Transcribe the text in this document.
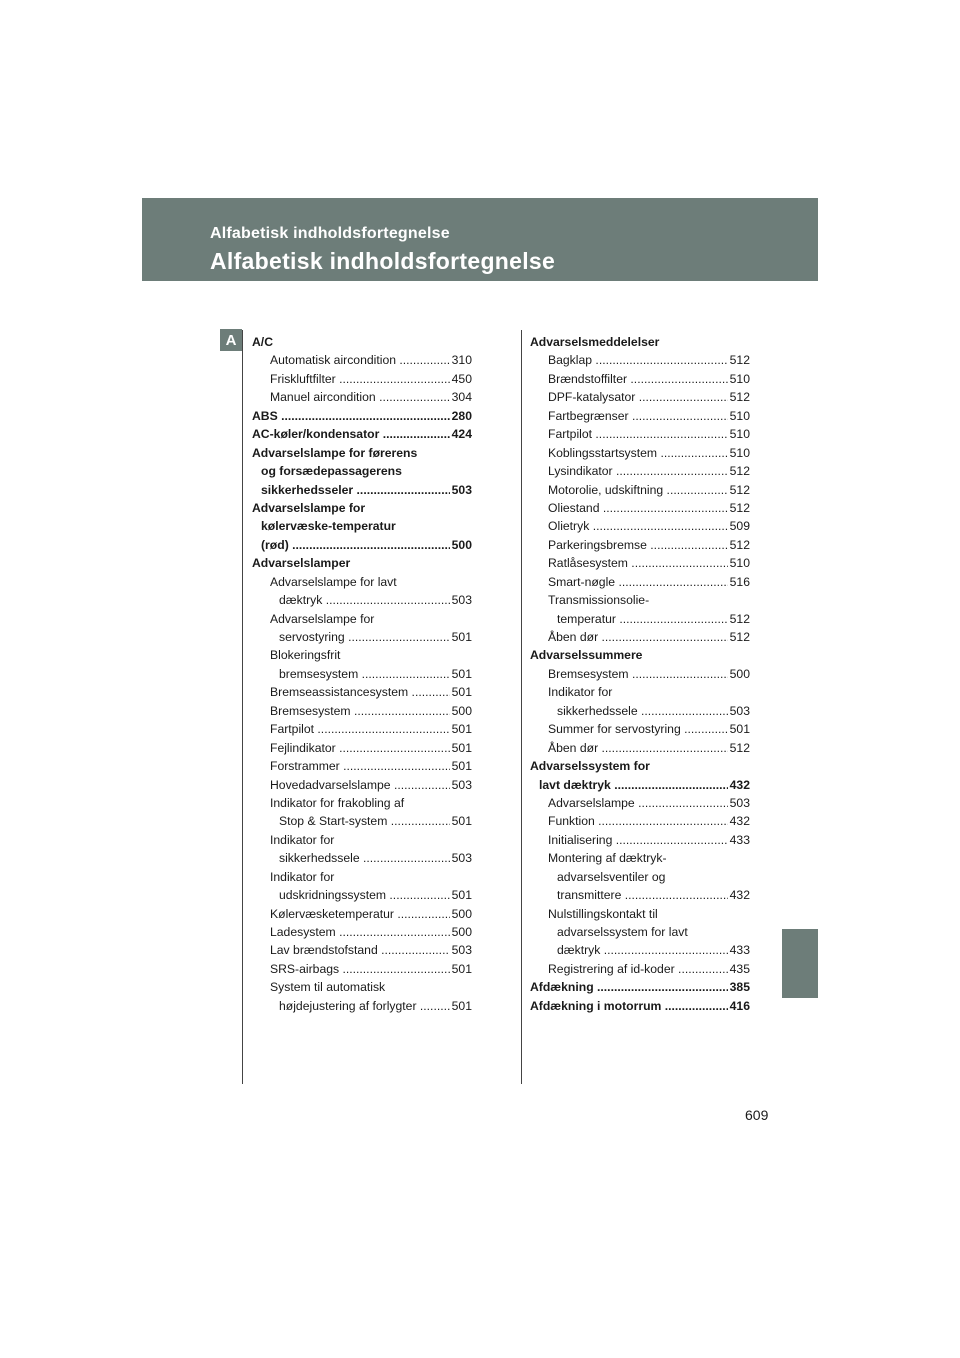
Alfabetisk indholdsfortegnelse
Alfabetisk indholdsfortegnelse
A	A/C
Automatisk aircondition .....	310
Friskluftfilter .....	450
Manuel aircondition .....	304
ABS .....	280
AC-køler/kondensator .....	424
Advarselslampe for førerens
og forsædepassagerens
sikkerhedsseler .....	503
Advarselslampe for
kølervæske-temperatur
(rød) .....	500
Advarselslamper
Advarselslampe for lavt
dæktryk .....	503
Advarselslampe for
servostyring .....	501
Blokeringsfrit
bremsesystem .....	501
Bremseassistancesystem .....	501
Bremsesystem .....	500
Fartpilot .....	501
Fejlindikator .....	501
Forstrammer .....	501
Hovedadvarselslampe .....	503
Indikator for frakobling af
Stop & Start-system .....	501
Indikator for
sikkerhedssele .....	503
Indikator for
udskridningssystem .....	501
Kølervæsketemperatur .....	500
Ladesystem .....	500
Lav brændstofstand .....	503
SRS-airbags .....	501
System til automatisk
højdejustering af forlygter .....	501
Advarselsmeddelelser
Bagklap .....	512
Brændstoffilter .....	510
DPF-katalysator .....	512
Fartbegrænser .....	510
Fartpilot .....	510
Koblingsstartsystem .....	510
Lysindikator .....	512
Motorolie, udskiftning .....	512
Oliestand .....	512
Olietryk .....	509
Parkeringsbremse .....	512
Ratlåsesystem .....	510
Smart-nøgle .....	516
Transmissionsolie-
temperatur .....	512
Åben dør .....	512
Advarselssummere
Bremsesystem .....	500
Indikator for
sikkerhedssele .....	503
Summer for servostyring .....	501
Åben dør .....	512
Advarselssystem for
lavt dæktryk .....	432
Advarselslampe .....	503
Funktion .....	432
Initialisering .....	433
Montering af dæktryk-
advarselsventiler og
transmittere .....	432
Nulstillingskontakt til
advarselssystem for lavt
dæktryk .....	433
Registrering af id-koder .....	435
Afdækning .....	385
Afdækning i motorrum .....	416
609
